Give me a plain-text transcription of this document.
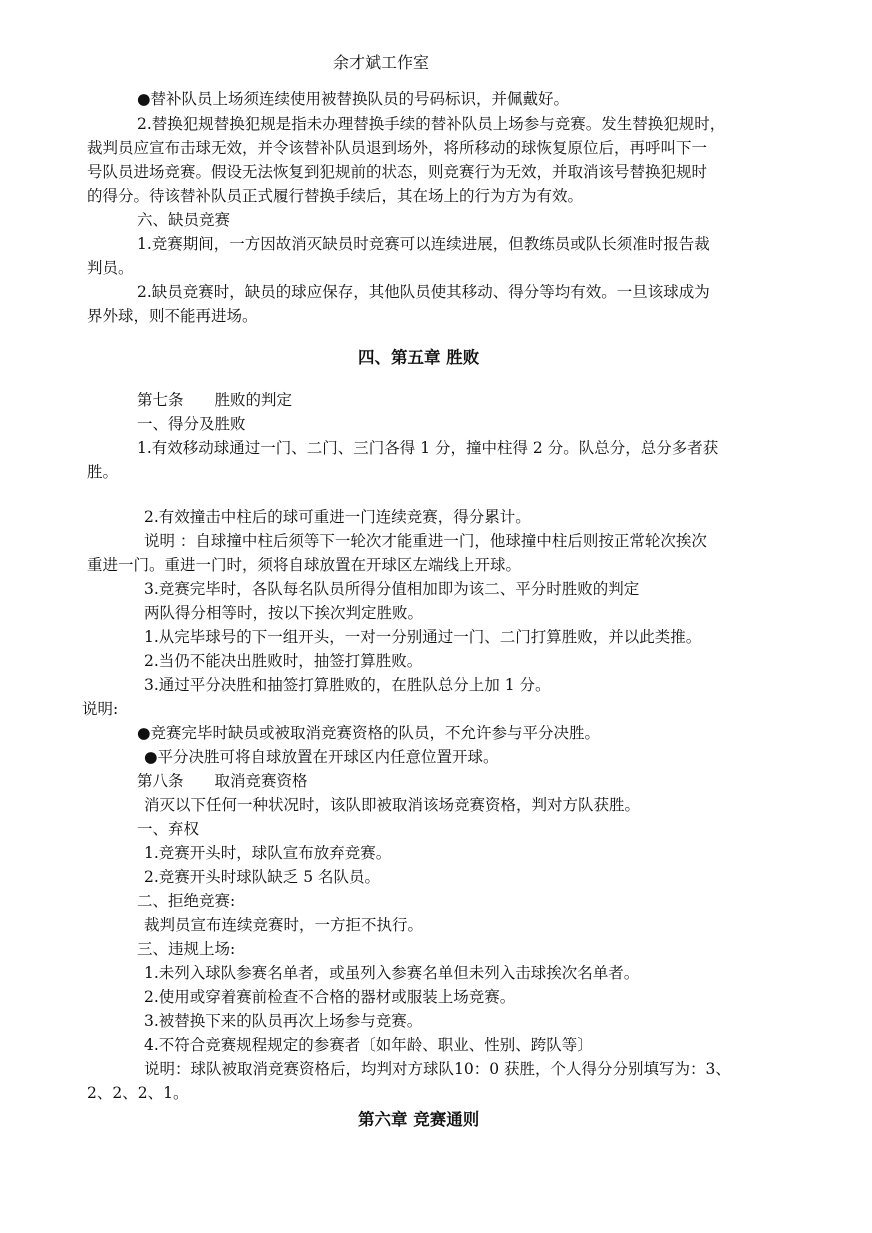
余才斌工作室
●替补队员上场须连续使用被替换队员的号码标识，并佩戴好。
2.替换犯规替换犯规是指未办理替换手续的替补队员上场参与竞赛。发生替换犯规时，
裁判员应宣布击球无效，并令该替补队员退到场外，将所移动的球恢复原位后，再呼叫下一
号队员进场竞赛。假设无法恢复到犯规前的状态，则竞赛行为无效，并取消该号替换犯规时
的得分。待该替补队员正式履行替换手续后，其在场上的行为方为有效。
六、缺员竞赛
1.竞赛期间，一方因故消灭缺员时竞赛可以连续进展，但教练员或队长须准时报告裁
判员。
2.缺员竞赛时，缺员的球应保存，其他队员使其移动、得分等均有效。一旦该球成为
界外球，则不能再进场。
四、第五章 胜败
第七条　　胜败的判定
一、得分及胜败
1.有效移动球通过一门、二门、三门各得 1 分，撞中柱得 2 分。队总分，总分多者获
胜。
2.有效撞击中柱后的球可重进一门连续竞赛，得分累计。
说明 ：自球撞中柱后须等下一轮次才能重进一门，他球撞中柱后则按正常轮次挨次
重进一门。重进一门时，须将自球放置在开球区左端线上开球。
3.竞赛完毕时，各队每名队员所得分值相加即为该二、平分时胜败的判定
两队得分相等时，按以下挨次判定胜败。
1.从完毕球号的下一组开头，一对一分别通过一门、二门打算胜败，并以此类推。
2.当仍不能决出胜败时，抽签打算胜败。
3.通过平分决胜和抽签打算胜败的，在胜队总分上加 1 分。
说明:
●竞赛完毕时缺员或被取消竞赛资格的队员，不允许参与平分决胜。
●平分决胜可将自球放置在开球区内任意位置开球。
第八条　　取消竞赛资格
消灭以下任何一种状况时，该队即被取消该场竞赛资格，判对方队获胜。
一、弃权
1.竞赛开头时，球队宣布放弃竞赛。
2.竞赛开头时球队缺乏 5 名队员。
二、拒绝竞赛:
裁判员宣布连续竞赛时，一方拒不执行。
三、违规上场:
1.未列入球队参赛名单者，或虽列入参赛名单但未列入击球挨次名单者。
2.使用或穿着赛前检查不合格的器材或服装上场竞赛。
3.被替换下来的队员再次上场参与竞赛。
4.不符合竞赛规程规定的参赛者〔如年龄、职业、性别、跨队等〕
说明：球队被取消竞赛资格后，均判对方球队10：0 获胜，个人得分分别填写为：3、
2、2、2、1。
第六章 竞赛通则
